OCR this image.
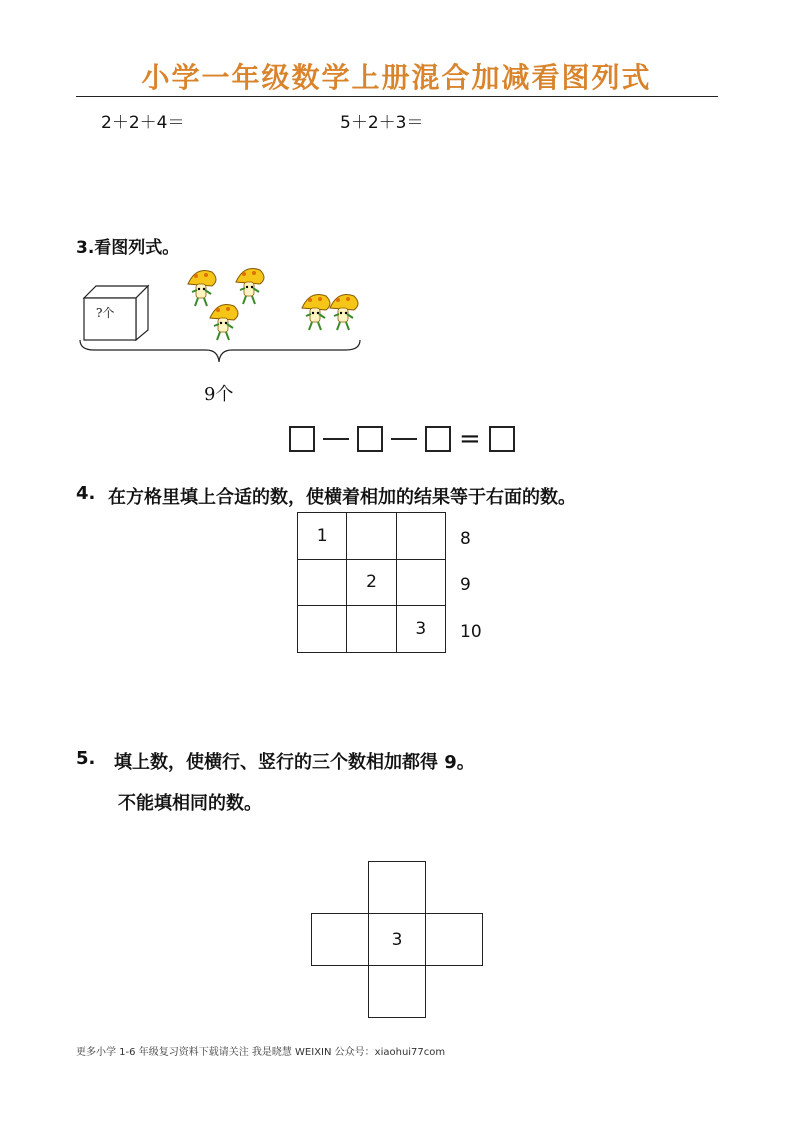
小学一年级数学上册混合加减看图列式
2＋2＋4＝	5＋2＋3＝
3.看图列式。
?个
9个
=
4. 在方格里填上合适的数，使横着相加的结果等于右面的数。
1
2
3
8
9
10
5. 填上数，使横行、竖行的三个数相加都得 9。
不能填相同的数。
3
更多小学 1-6 年级复习资料下载请关注 我是晓慧 WEIXIN 公众号：xiaohui77com
